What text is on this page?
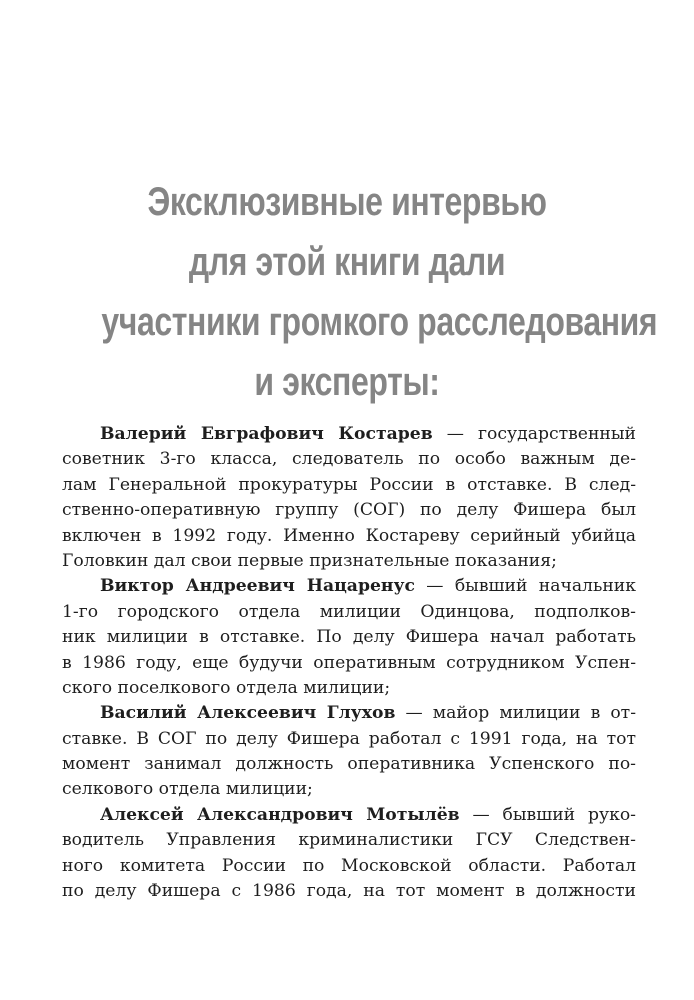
Эксклюзивные интервью
для этой книги дали
участники громкого расследования
и эксперты:
Валерий Евграфович Костарев — государственный
советник 3-го класса, следователь по особо важным де-
лам Генеральной прокуратуры России в отставке. В след-
ственно-оперативную группу (СОГ) по делу Фишера был
включен в 1992 году. Именно Костареву серийный убийца
Головкин дал свои первые признательные показания;
Виктор Андреевич Нацаренус — бывший начальник
1-го городского отдела милиции Одинцова, подполков-
ник милиции в отставке. По делу Фишера начал работать
в 1986 году, еще будучи оперативным сотрудником Успен-
ского поселкового отдела милиции;
Василий Алексеевич Глухов — майор милиции в от-
ставке. В СОГ по делу Фишера работал с 1991 года, на тот
момент занимал должность оперативника Успенского по-
селкового отдела милиции;
Алексей Александрович Мотылёв — бывший руко-
водитель Управления криминалистики ГСУ Следствен-
ного комитета России по Московской области. Работал
по делу Фишера с 1986 года, на тот момент в должности
